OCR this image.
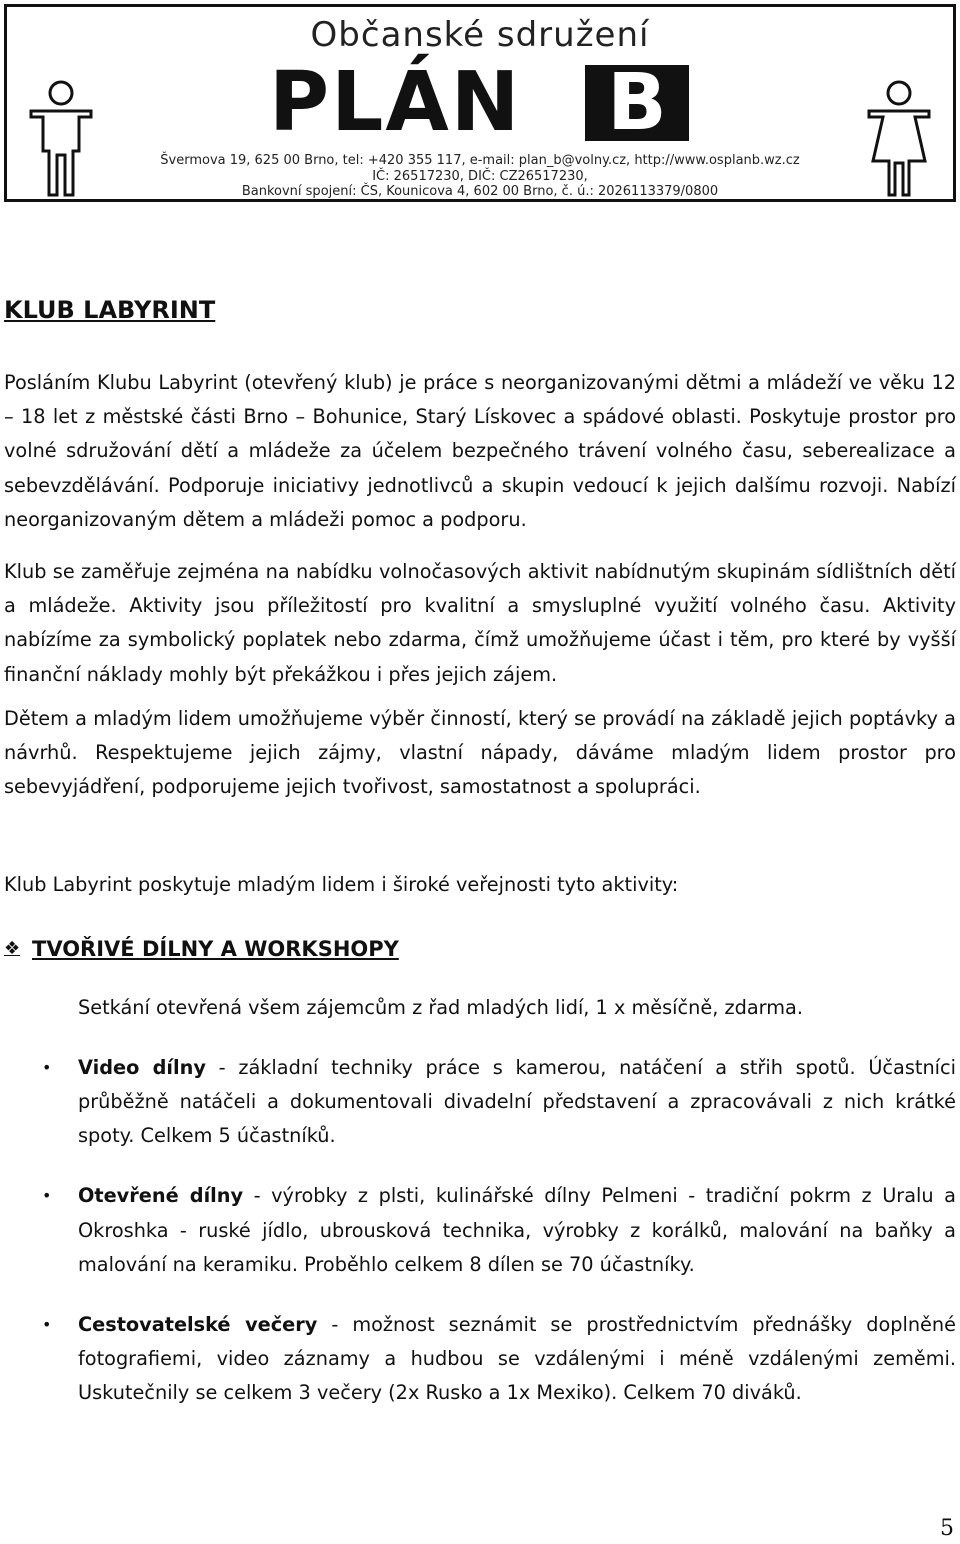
Občanské sdružení
PLÁN B
Švermova 19, 625 00 Brno, tel: +420 355 117, e-mail: plan_b@volny.cz, http://www.osplanb.wz.cz
IČ: 26517230, DIČ: CZ26517230,
Bankovní spojení: ČS, Kounicova 4, 602 00 Brno, č. ú.: 2026113379/0800
KLUB LABYRINT

Posláním Klubu Labyrint (otevřený klub) je práce s neorganizovanými dětmi a mládeží ve věku 12 – 18 let z městské části Brno – Bohunice, Starý Lískovec a spádové oblasti. Poskytuje prostor pro volné sdružování dětí a mládeže za účelem bezpečného trávení volného času, seberealizace a sebevzdělávání. Podporuje iniciativy jednotlivců a skupin vedoucí k jejich dalšímu rozvoji. Nabízí neorganizovaným dětem a mládeži pomoc a podporu.

Klub se zaměřuje zejména na nabídku volnočasových aktivit nabídnutým skupinám sídlištních dětí a mládeže. Aktivity jsou příležitostí pro kvalitní a smysluplné využití volného času. Aktivity nabízíme za symbolický poplatek nebo zdarma, čímž umožňujeme účast i těm, pro které by vyšší finanční náklady mohly být překážkou i přes jejich zájem.

Dětem a mladým lidem umožňujeme výběr činností, který se provádí na základě jejich poptávky a návrhů. Respektujeme jejich zájmy, vlastní nápady, dáváme mladým lidem prostor pro sebevyjádření, podporujeme jejich tvořivost, samostatnost a spolupráci.

Klub Labyrint poskytuje mladým lidem i široké veřejnosti tyto aktivity:

❖ TVOŘIVÉ DÍLNY A WORKSHOPY

Setkání otevřená všem zájemcům z řad mladých lidí, 1 x měsíčně, zdarma.

• Video dílny - základní techniky práce s kamerou, natáčení a střih spotů. Účastníci průběžně natáčeli a dokumentovali divadelní představení a zpracovávali z nich krátké spoty. Celkem 5 účastníků.

• Otevřené dílny - výrobky z plsti, kulinářské dílny Pelmeni - tradiční pokrm z Uralu a Okroshka - ruské jídlo, ubrousková technika, výrobky z korálků, malování na baňky a malování na keramiku. Proběhlo celkem 8 dílen se 70 účastníky.

• Cestovatelské večery - možnost seznámit se prostřednictvím přednášky doplněné fotografiemi, video záznamy a hudbou se vzdálenými i méně vzdálenými zeměmi. Uskutečnily se celkem 3 večery (2x Rusko a 1x Mexiko). Celkem 70 diváků.

5
